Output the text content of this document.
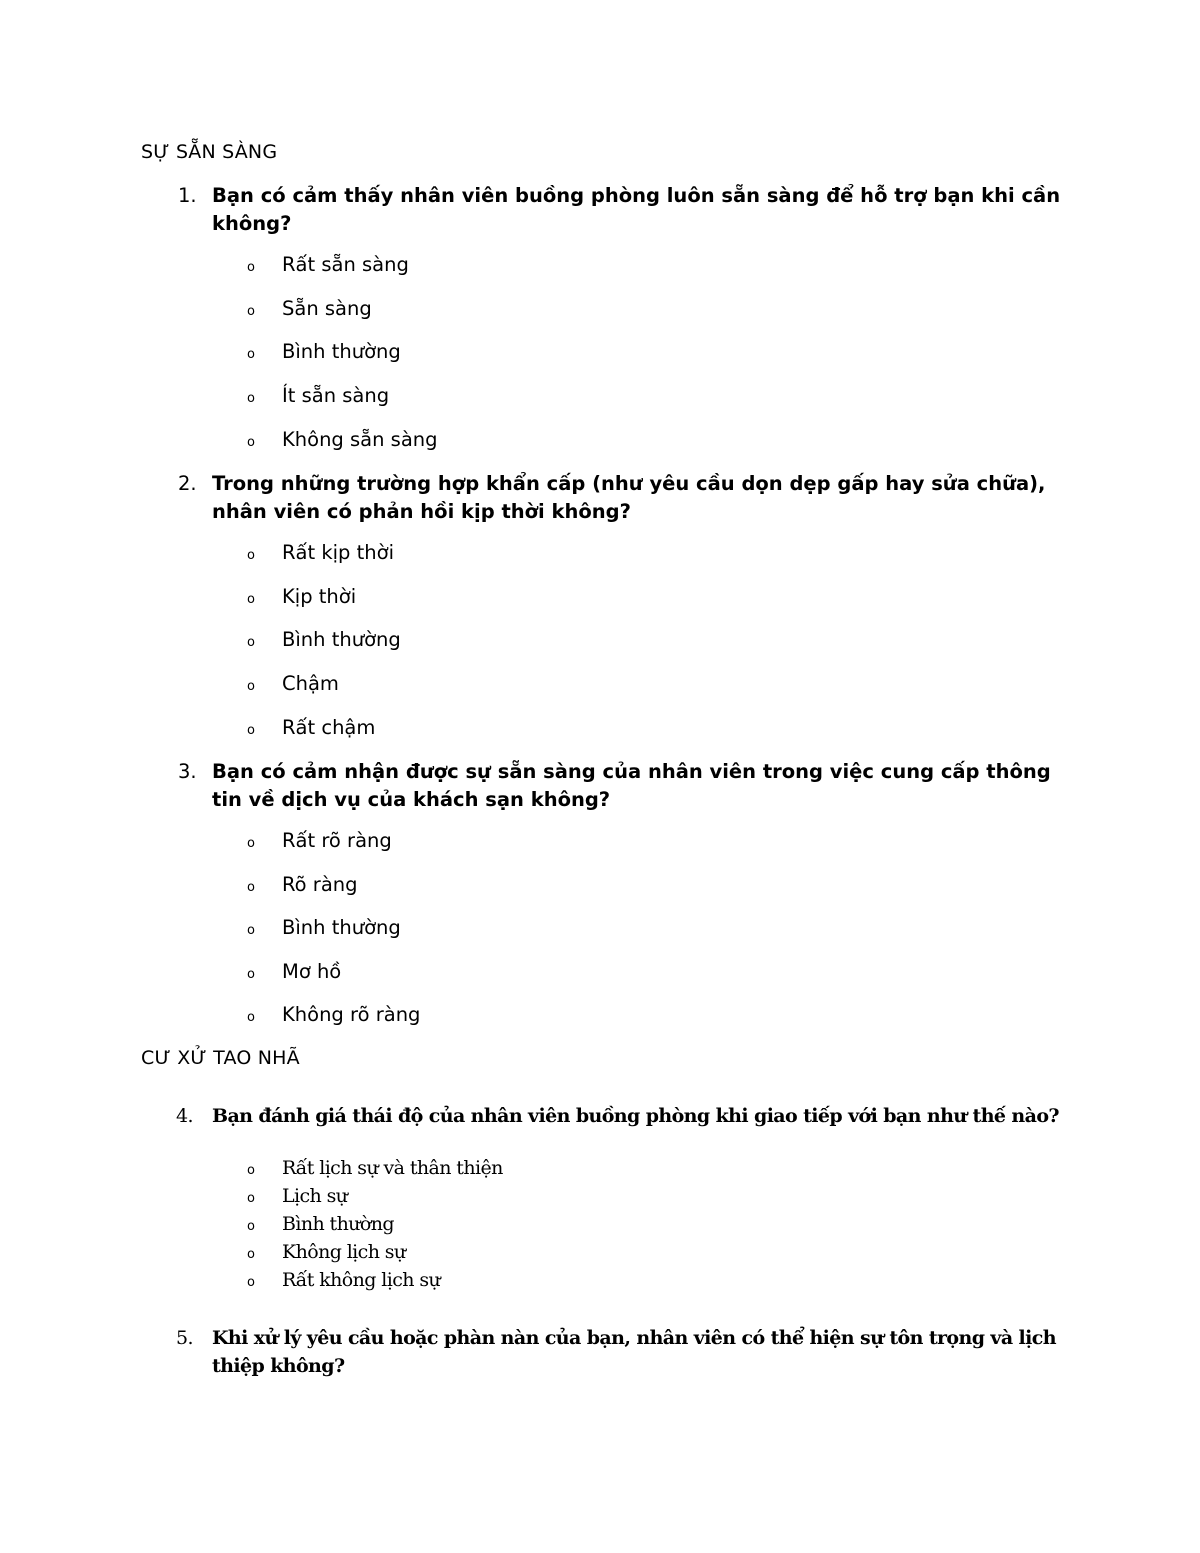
SỰ SẴN SÀNG
1. Bạn có cảm thấy nhân viên buồng phòng luôn sẵn sàng để hỗ trợ bạn khi cần không?
o	Rất sẵn sàng
o	Sẵn sàng
o	Bình thường
o	Ít sẵn sàng
o	Không sẵn sàng
2. Trong những trường hợp khẩn cấp (như yêu cầu dọn dẹp gấp hay sửa chữa), nhân viên có phản hồi kịp thời không?
o	Rất kịp thời
o	Kịp thời
o	Bình thường
o	Chậm
o	Rất chậm
3. Bạn có cảm nhận được sự sẵn sàng của nhân viên trong việc cung cấp thông tin về dịch vụ của khách sạn không?
o	Rất rõ ràng
o	Rõ ràng
o	Bình thường
o	Mơ hồ
o	Không rõ ràng
CƯ XỬ TAO NHÃ
4.	Bạn đánh giá thái độ của nhân viên buồng phòng khi giao tiếp với bạn như thế nào?
o	Rất lịch sự và thân thiện
o	Lịch sự
o	Bình thường
o	Không lịch sự
o	Rất không lịch sự
5.	Khi xử lý yêu cầu hoặc phàn nàn của bạn, nhân viên có thể hiện sự tôn trọng và lịch thiệp không?
